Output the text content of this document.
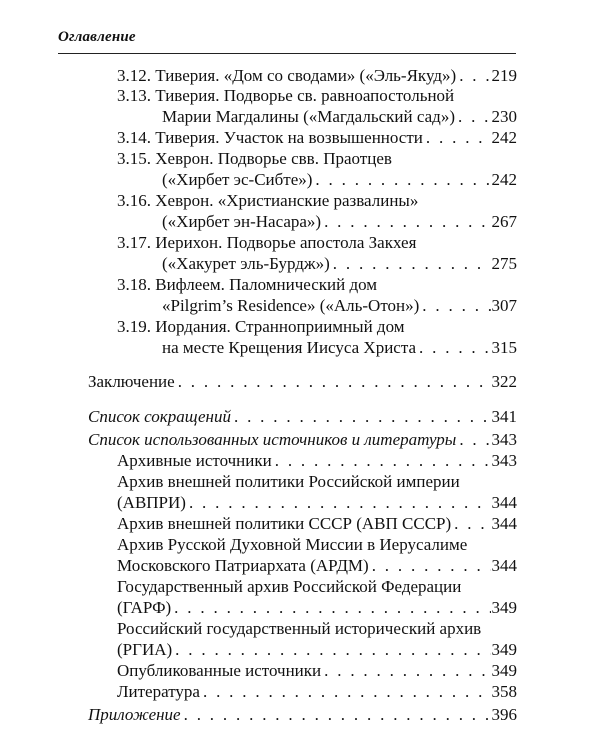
Оглавление
3.12. Тиверия. «Дом со сводами» («Эль-Якуд») . . . 219
3.13. Тиверия. Подворье св. равноапостольной
Марии Магдалины («Магдальский сад») . . . 230
3.14. Тиверия. Участок на возвышенности . . .	242
3.15. Хеврон. Подворье свв. Праотцев
(«Хирбет эс-Сибте») . . .	242
3.16. Хеврон. «Христианские развалины»
(«Хирбет эн-Насара») . . .	267
3.17. Иерихон. Подворье апостола Закхея
(«Хакурет эль-Бурдж») . . .	275
3.18. Вифлеем. Паломнический дом
«Pilgrim’s Residence» («Аль-Отон») . . .	307
3.19. Иордания. Странноприимный дом
на месте Крещения Иисуса Христа . . .	315
Заключение . . .	322
Список сокращений . . .	341
Список использованных источников и литературы . . . 343
Архивные источники . . .	343
Архив внешней политики Российской империи
(АВПРИ) . . .	344
Архив внешней политики СССР (АВП СССР) . . . 344
Архив Русской Духовной Миссии в Иерусалиме
Московского Патриархата (АРДМ) . . .	344
Государственный архив Российской Федерации
(ГАРФ) . . .	349
Российский государственный исторический архив
(РГИА) . . .	349
Опубликованные источники . . .	349
Литература . . .	358
Приложение . . .	396
